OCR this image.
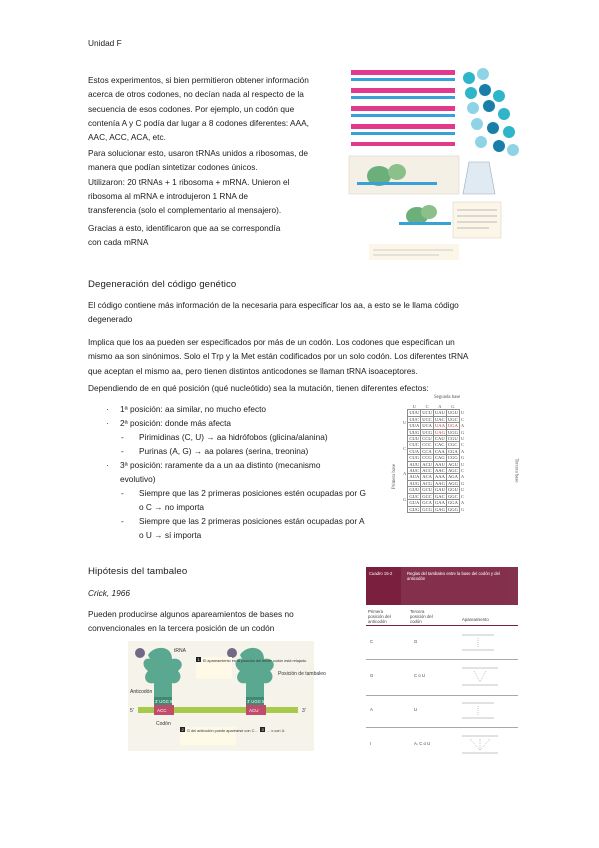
Unidad F
Estos experimentos, si bien permitieron obtener información
acerca de otros codones, no decían nada al respecto de la
secuencia de esos codones. Por ejemplo, un codón que
contenía A y C podía dar lugar a 8 codones diferentes: AAA,
AAC, ACC, ACA, etc.
Para solucionar esto, usaron tRNAs unidos a ribosomas, de
manera que podían sintetizar codones únicos.
Utilizaron: 20 tRNAs + 1 ribosoma + mRNA. Unieron el
ribosoma al mRNA e introdujeron 1 RNA de
transferencia (solo el complementario al mensajero).
Gracias a esto, identificaron que aa se correspondía
con cada mRNA
Degeneración del código genético
El código contiene más información de la necesaria para especificar los aa, a esto se le llama código
degenerado
Implica que los aa pueden ser especificados por más de un codón. Los codones que especifican un
mismo aa son sinónimos. Solo el Trp y la Met están codificados por un solo codón. Los diferentes tRNA
que aceptan el mismo aa, pero tienen distintos anticodones se llaman tRNA isoaceptores.
Dependiendo de en qué posición (qué nucleótido) sea la mutación, tienen diferentes efectos:
· 1ª posición: aa similar, no mucho efecto
· 2ª posición: donde más afecta
- Pirimidinas (C, U) → aa hidrófobos (glicina/alanina)
- Purinas (A, G) → aa polares (serina, treonina)
· 3ª posición: raramente da a un aa distinto (mecanismo
evolutivo)
- Siempre que las 2 primeras posiciones estén ocupadas por G
o C → no importa
- Siempre que las 2 primeras posiciones están ocupadas por A
o U → sí importa
Segunda base
Primera base	Tercera base
	U	C	A	G	
U	UUU	UCU	UAU	UGU	U
	UUC	UCC	UAC	UGC	C
	UUA	UCA	UAA	UGA	A
	UUG	UCG	UAG	UGG	G
C	CUU	CCU	CAU	CGU	U
	CUC	CCC	CAC	CGC	C
	CUA	CCA	CAA	CGA	A
	CUG	CCG	CAG	CGG	G
A	AUU	ACU	AAU	AGU	U
	AUC	ACC	AAC	AGC	C
	AUA	ACA	AAA	AGA	A
	AUG	ACG	AAG	AGG	G
G	GUU	GCU	GAU	GGU	U
	GUC	GCC	GAC	GGC	C
	GUA	GCA	GAA	GGA	A
	GUG	GCG	GAG	GGG	G
Hipótesis del tambaleo
Crick, 1966
Pueden producirse algunos apareamientos de bases no
convencionales en la tercera posición de un codón
tRNA
Anticodón
3' UGG 5'	3' UGG 5'
ACC	ACU
5'	3'
Codón
Posición de tambaleo
1 El apareamiento en la posición del tercer codón está relajado.
2 G del anticodón puede aparearse con C... 3 ... o con U.
Cuadro 15-2	Reglas del tambaleo entre la base del codón y del anticodón
Primera posición del anticodón
Tercera posición del codón	Apareamiento
C	G
G	C o U
A	U
I	A, C o U
